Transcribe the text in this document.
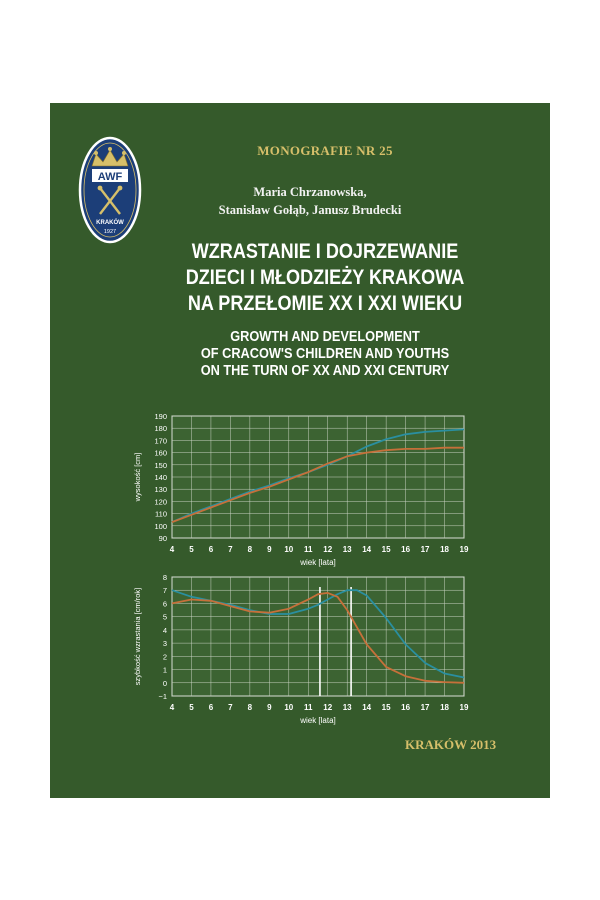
AWF
KRAKÓW
1927
MONOGRAFIE NR 25
Maria Chrzanowska,
Stanisław Gołąb, Janusz Brudecki
WZRASTANIE I DOJRZEWANIE
DZIECI I MŁODZIEŻY KRAKOWA
NA PRZEŁOMIE XX I XXI WIEKU
GROWTH AND DEVELOPMENT
OF CRACOW'S CHILDREN AND YOUTHS
ON THE TURN OF XX AND XXI CENTURY
4 5 6 7 8 9 10 11 12 13 14 15 16 17 18 19
90
100
110
120
130
140
150
160
170
180
190
wiek [lata]
wysokość [cm]
4 5 6 7 8 9 10 11 12 13 14 15 16 17 18 19
−1
0
1
2
3
4
5
6
7
8
wiek [lata]
szybkość wzrastania [cm/rok]
KRAKÓW 2013
